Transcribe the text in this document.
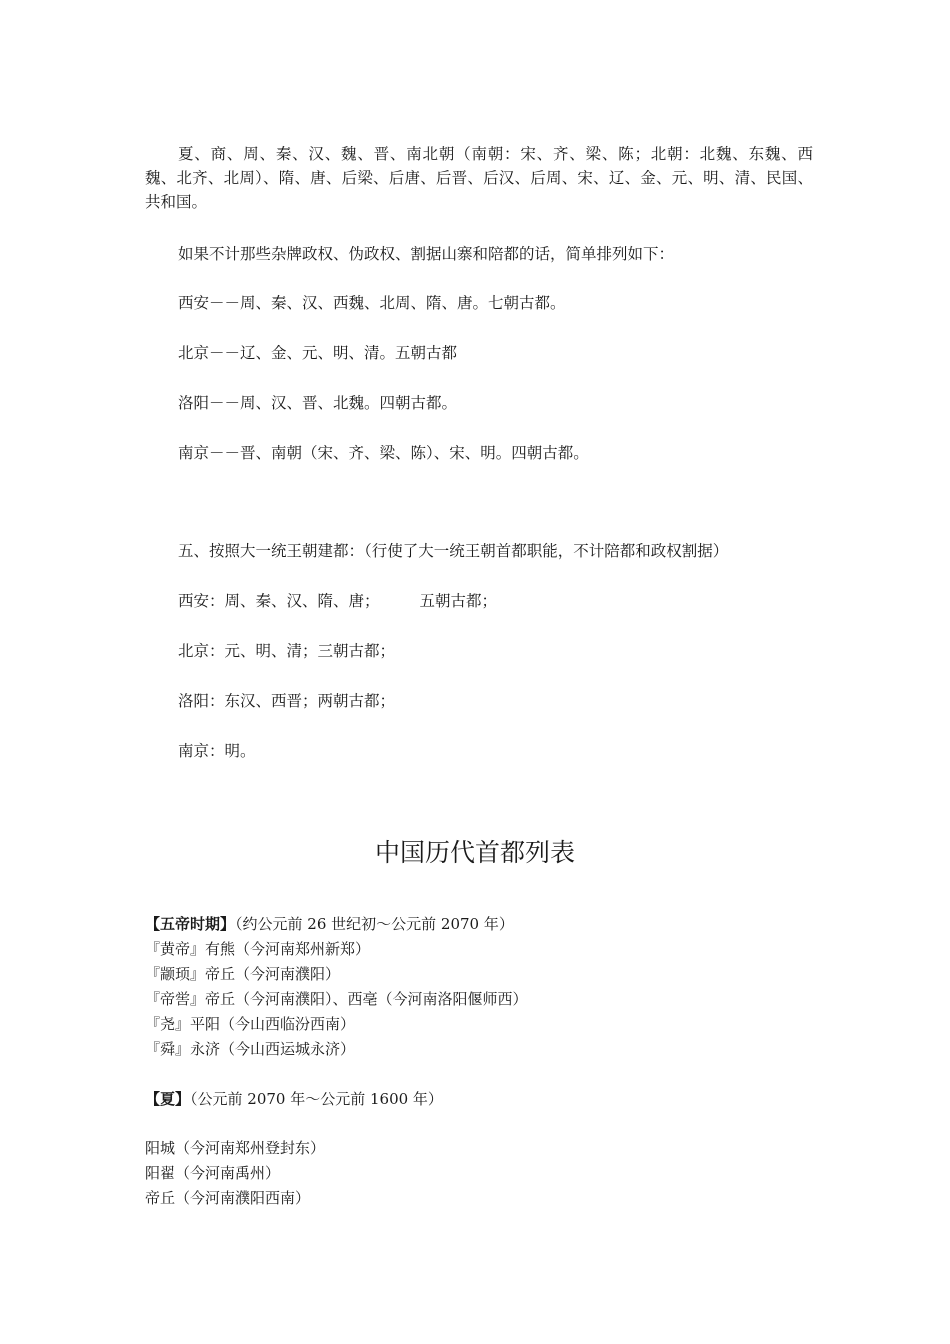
夏、商、周、秦、汉、魏、晋、南北朝（南朝：宋、齐、梁、陈；北朝：北魏、东魏、西魏、北齐、北周）、隋、唐、后梁、后唐、后晋、后汉、后周、宋、辽、金、元、明、清、民国、共和国。

如果不计那些杂牌政权、伪政权、割据山寨和陪都的话，简单排列如下：

西安－－周、秦、汉、西魏、北周、隋、唐。七朝古都。

北京－－辽、金、元、明、清。五朝古都

洛阳－－周、汉、晋、北魏。四朝古都。

南京－－晋、南朝（宋、齐、梁、陈）、宋、明。四朝古都。

五、按照大一统王朝建都：（行使了大一统王朝首都职能，不计陪都和政权割据）

西安：周、秦、汉、隋、唐；	五朝古都；

北京：元、明、清；三朝古都；

洛阳：东汉、西晋；两朝古都；

南京：明。

中国历代首都列表

【五帝时期】（约公元前 26 世纪初～公元前 2070 年）

『黄帝』有熊（今河南郑州新郑）

『颛顼』帝丘（今河南濮阳）

『帝喾』帝丘（今河南濮阳）、西亳（今河南洛阳偃师西）

『尧』平阳（今山西临汾西南）

『舜』永济（今山西运城永济）

【夏】（公元前 2070 年～公元前 1600 年）

阳城（今河南郑州登封东）

阳翟（今河南禹州）

帝丘（今河南濮阳西南）
